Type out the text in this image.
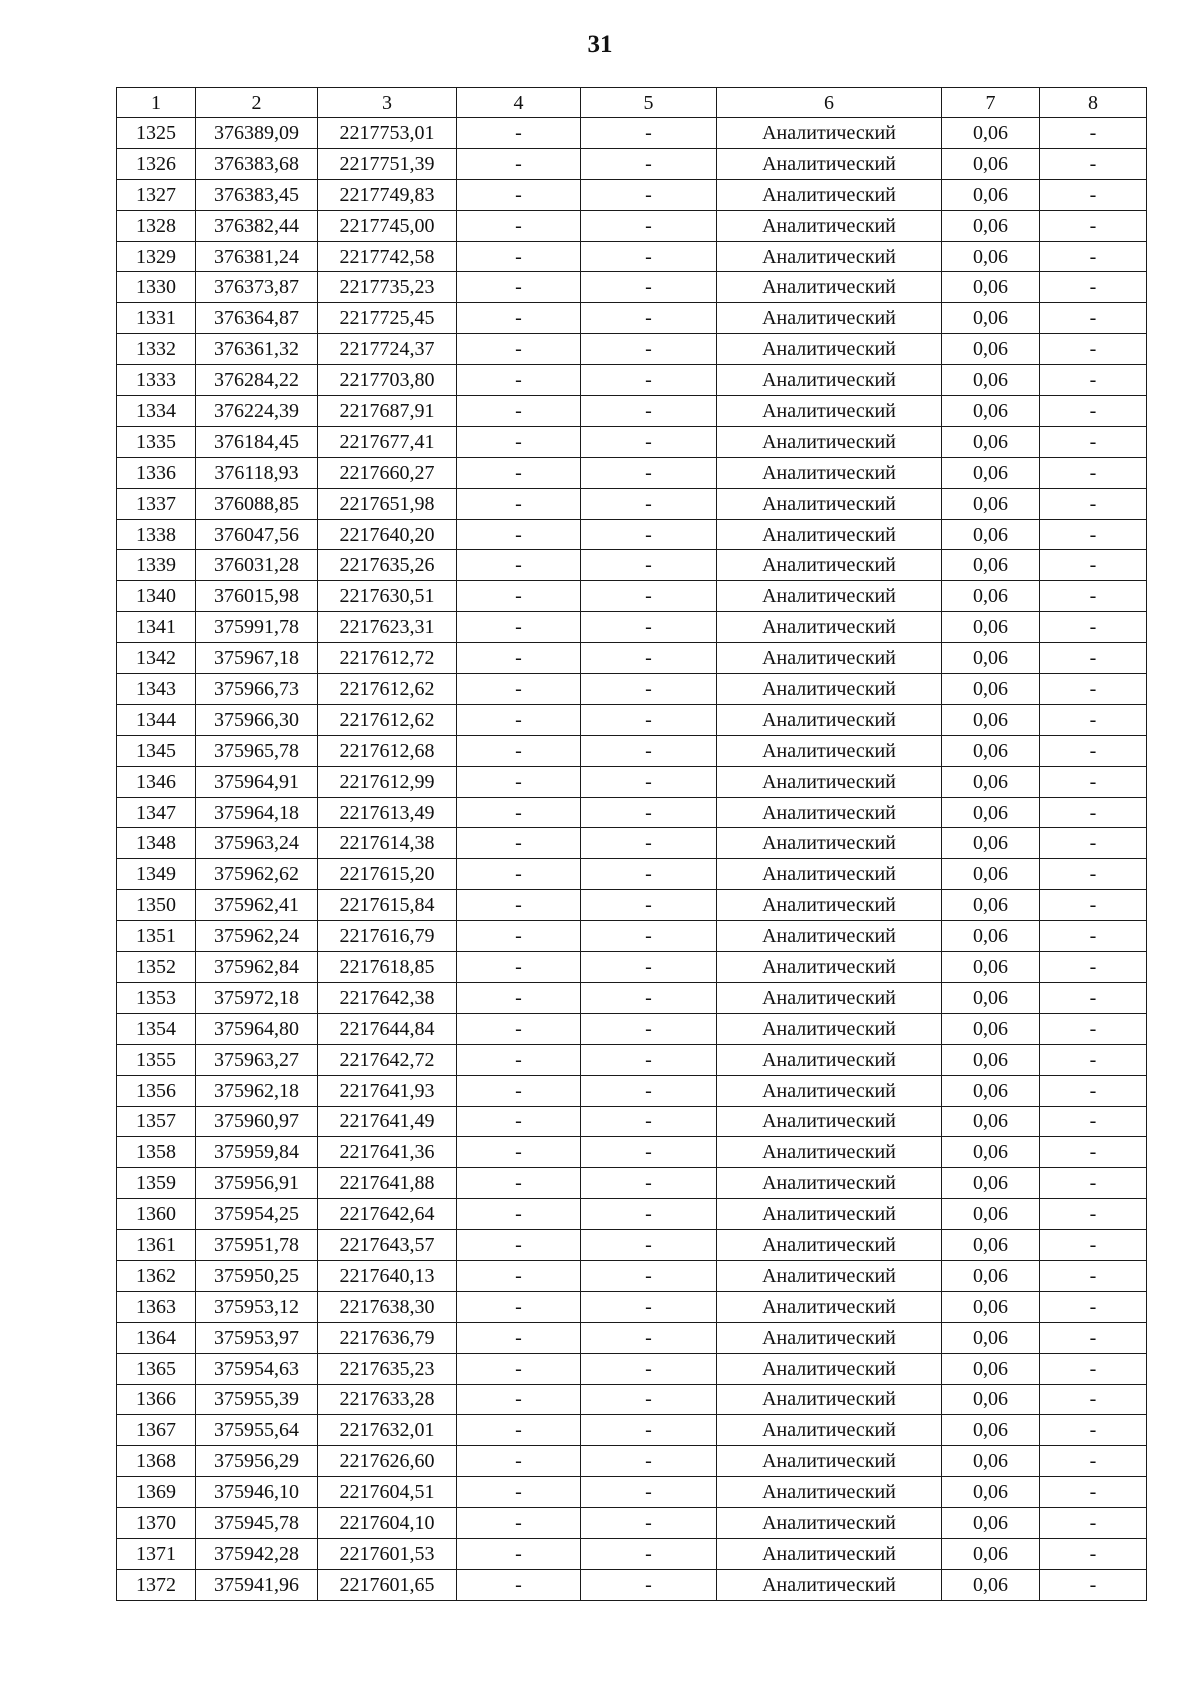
31
1	2	3	4	5	6	7	8
1325	376389,09	2217753,01	-	-	Аналитический	0,06	-
1326	376383,68	2217751,39	-	-	Аналитический	0,06	-
1327	376383,45	2217749,83	-	-	Аналитический	0,06	-
1328	376382,44	2217745,00	-	-	Аналитический	0,06	-
1329	376381,24	2217742,58	-	-	Аналитический	0,06	-
1330	376373,87	2217735,23	-	-	Аналитический	0,06	-
1331	376364,87	2217725,45	-	-	Аналитический	0,06	-
1332	376361,32	2217724,37	-	-	Аналитический	0,06	-
1333	376284,22	2217703,80	-	-	Аналитический	0,06	-
1334	376224,39	2217687,91	-	-	Аналитический	0,06	-
1335	376184,45	2217677,41	-	-	Аналитический	0,06	-
1336	376118,93	2217660,27	-	-	Аналитический	0,06	-
1337	376088,85	2217651,98	-	-	Аналитический	0,06	-
1338	376047,56	2217640,20	-	-	Аналитический	0,06	-
1339	376031,28	2217635,26	-	-	Аналитический	0,06	-
1340	376015,98	2217630,51	-	-	Аналитический	0,06	-
1341	375991,78	2217623,31	-	-	Аналитический	0,06	-
1342	375967,18	2217612,72	-	-	Аналитический	0,06	-
1343	375966,73	2217612,62	-	-	Аналитический	0,06	-
1344	375966,30	2217612,62	-	-	Аналитический	0,06	-
1345	375965,78	2217612,68	-	-	Аналитический	0,06	-
1346	375964,91	2217612,99	-	-	Аналитический	0,06	-
1347	375964,18	2217613,49	-	-	Аналитический	0,06	-
1348	375963,24	2217614,38	-	-	Аналитический	0,06	-
1349	375962,62	2217615,20	-	-	Аналитический	0,06	-
1350	375962,41	2217615,84	-	-	Аналитический	0,06	-
1351	375962,24	2217616,79	-	-	Аналитический	0,06	-
1352	375962,84	2217618,85	-	-	Аналитический	0,06	-
1353	375972,18	2217642,38	-	-	Аналитический	0,06	-
1354	375964,80	2217644,84	-	-	Аналитический	0,06	-
1355	375963,27	2217642,72	-	-	Аналитический	0,06	-
1356	375962,18	2217641,93	-	-	Аналитический	0,06	-
1357	375960,97	2217641,49	-	-	Аналитический	0,06	-
1358	375959,84	2217641,36	-	-	Аналитический	0,06	-
1359	375956,91	2217641,88	-	-	Аналитический	0,06	-
1360	375954,25	2217642,64	-	-	Аналитический	0,06	-
1361	375951,78	2217643,57	-	-	Аналитический	0,06	-
1362	375950,25	2217640,13	-	-	Аналитический	0,06	-
1363	375953,12	2217638,30	-	-	Аналитический	0,06	-
1364	375953,97	2217636,79	-	-	Аналитический	0,06	-
1365	375954,63	2217635,23	-	-	Аналитический	0,06	-
1366	375955,39	2217633,28	-	-	Аналитический	0,06	-
1367	375955,64	2217632,01	-	-	Аналитический	0,06	-
1368	375956,29	2217626,60	-	-	Аналитический	0,06	-
1369	375946,10	2217604,51	-	-	Аналитический	0,06	-
1370	375945,78	2217604,10	-	-	Аналитический	0,06	-
1371	375942,28	2217601,53	-	-	Аналитический	0,06	-
1372	375941,96	2217601,65	-	-	Аналитический	0,06	-
